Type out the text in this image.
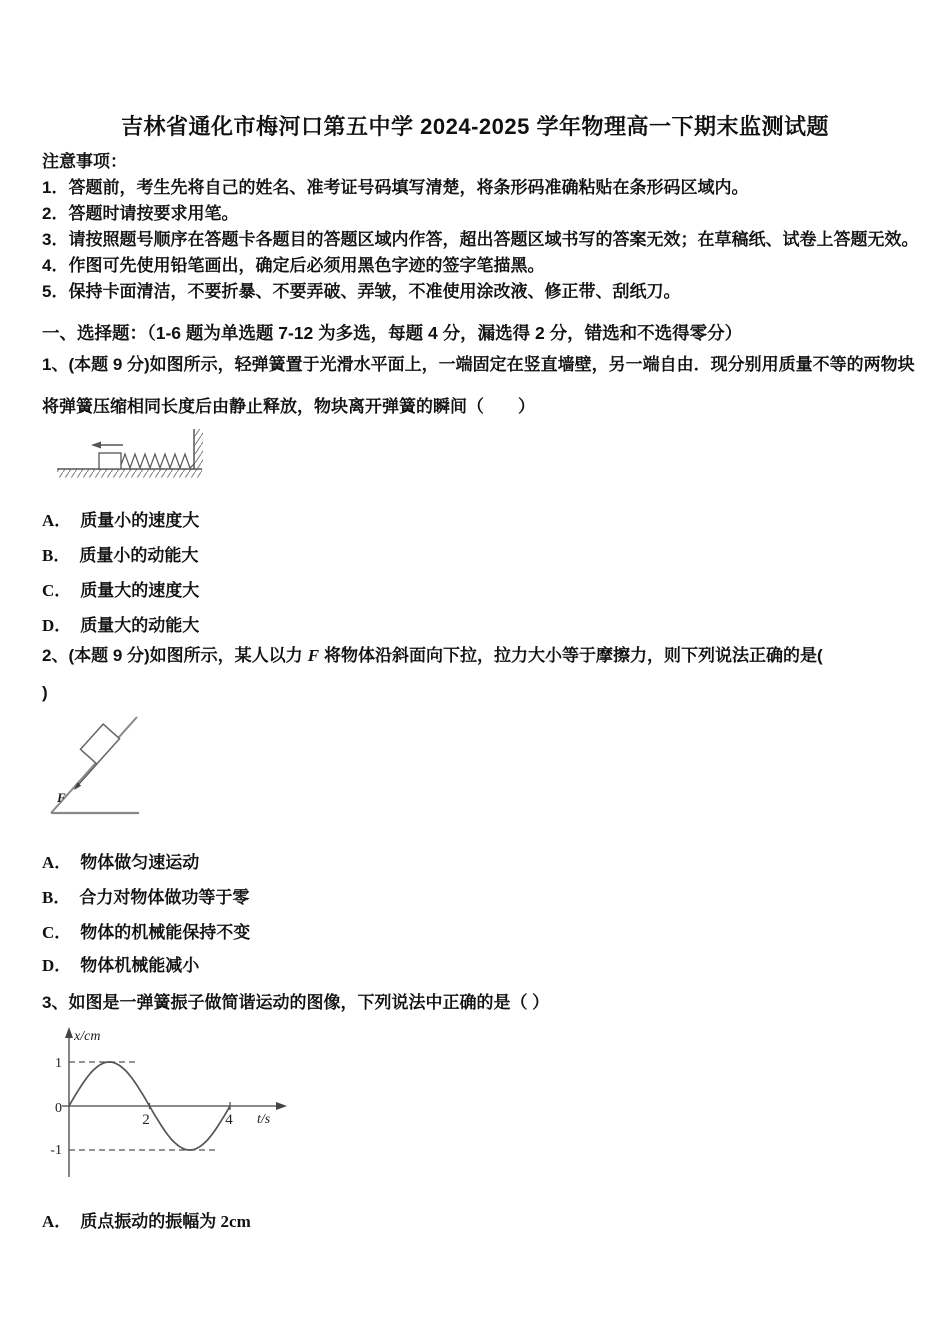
吉林省通化市梅河口第五中学 2024-2025 学年物理高一下期末监测试题
注意事项：
1．答题前，考生先将自己的姓名、准考证号码填写清楚，将条形码准确粘贴在条形码区域内。
2．答题时请按要求用笔。
3．请按照题号顺序在答题卡各题目的答题区域内作答，超出答题区域书写的答案无效；在草稿纸、试卷上答题无效。
4．作图可先使用铅笔画出，确定后必须用黑色字迹的签字笔描黑。
5．保持卡面清洁，不要折暴、不要弄破、弄皱，不准使用涂改液、修正带、刮纸刀。
一、选择题：（1-6 题为单选题 7-12 为多选，每题 4 分，漏选得 2 分，错选和不选得零分）
1、(本题 9 分)如图所示，轻弹簧置于光滑水平面上，一端固定在竖直墙壁，另一端自由．现分别用质量不等的两物块
将弹簧压缩相同长度后由静止释放，物块离开弹簧的瞬间（　　）
A． 质量小的速度大
B． 质量小的动能大
C． 质量大的速度大
D． 质量大的动能大
2、(本题 9 分)如图所示，某人以力 F 将物体沿斜面向下拉，拉力大小等于摩擦力，则下列说法正确的是(
)
F
A． 物体做匀速运动
B． 合力对物体做功等于零
C． 物体的机械能保持不变
D． 物体机械能减小
3、如图是一弹簧振子做简谐运动的图像，下列说法中正确的是（ ）
x/cm
t/s
1
0
-1
2	4
A． 质点振动的振幅为 2cm
